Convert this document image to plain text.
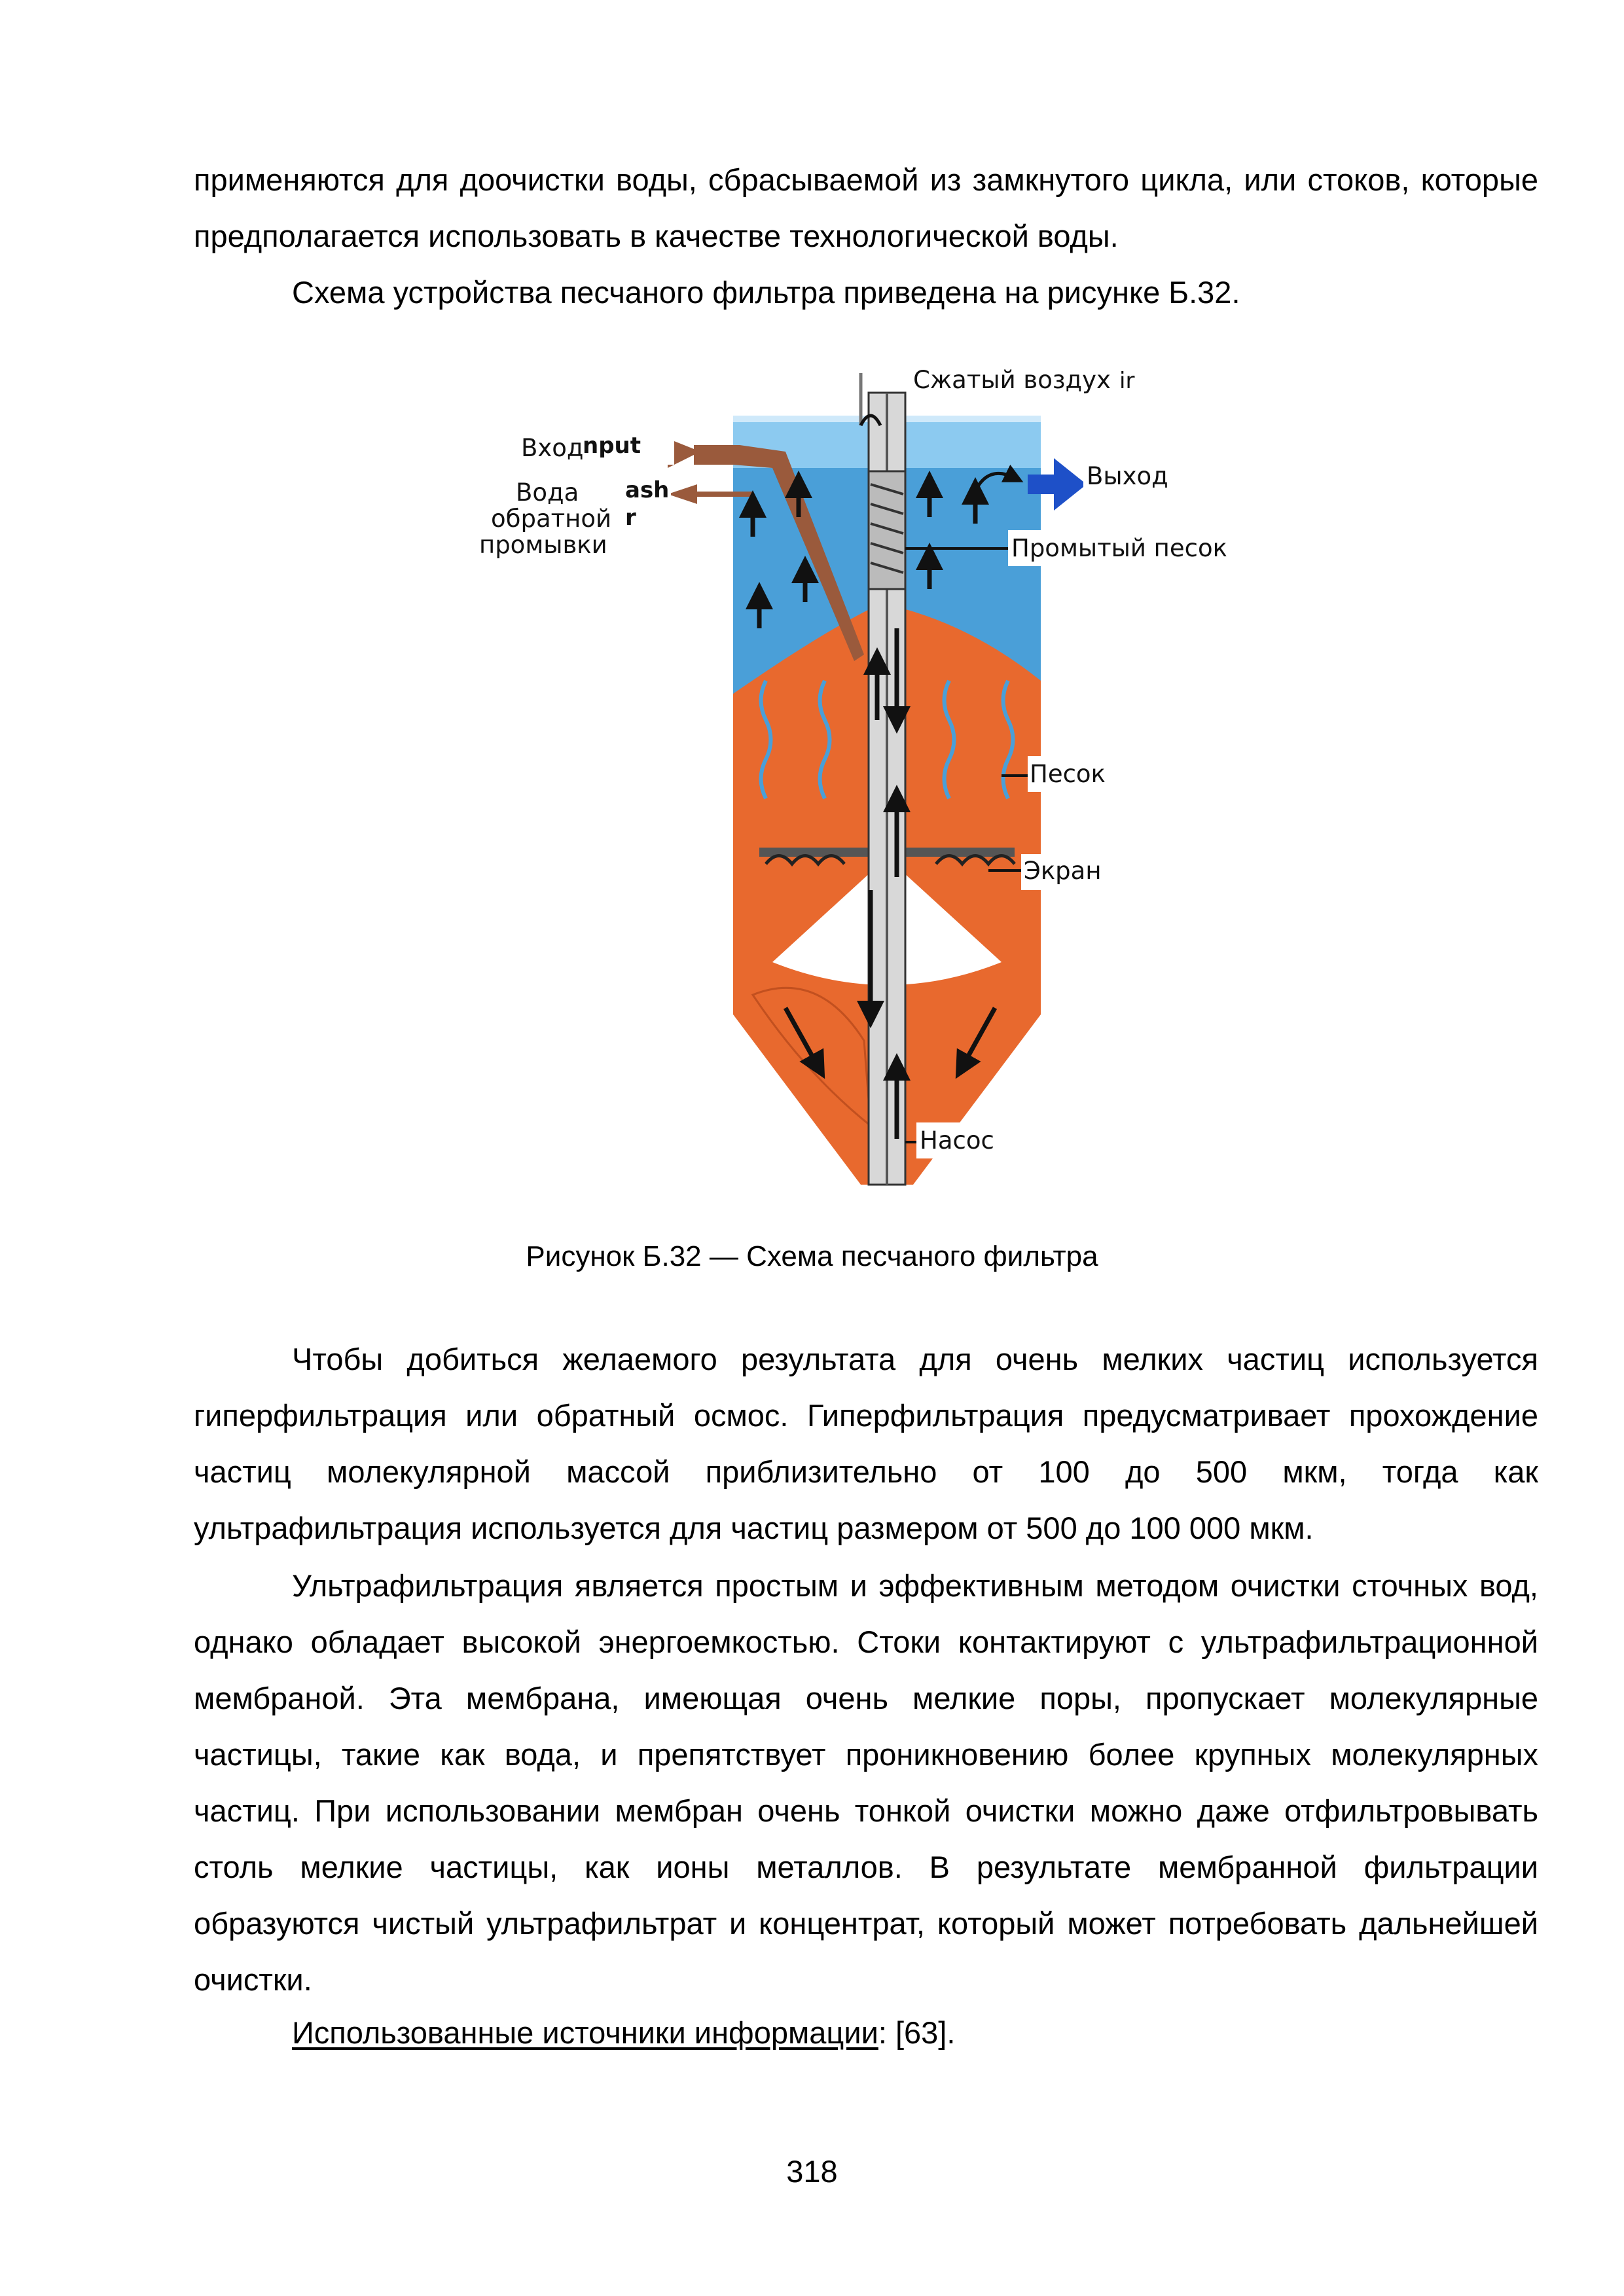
применяются для доочистки воды, сбрасываемой из замкнутого цикла, или стоков, которые предполагается использовать в качестве технологической воды.

Схема устройства песчаного фильтра приведена на рисунке Б.32.

Сжатый воздух ir
Вход
nput
Вода ash
обратной r
промывки
Выход
Промытый песок
Песок
Экран
Насос
Рисунок Б.32 — Схема песчаного фильтра

Чтобы добиться желаемого результата для очень мелких частиц используется гиперфильтрация или обратный осмос. Гиперфильтрация предусматривает прохождение частиц молекулярной массой приблизительно от 100 до 500 мкм, тогда как ультрафильтрация используется для частиц размером от 500 до 100 000 мкм.

Ультрафильтрация является простым и эффективным методом очистки сточных вод, однако обладает высокой энергоемкостью. Стоки контактируют с ультрафильтрационной мембраной. Эта мембрана, имеющая очень мелкие поры, пропускает молекулярные частицы, такие как вода, и препятствует проникновению более крупных молекулярных частиц. При использовании мембран очень тонкой очистки можно даже отфильтровывать столь мелкие частицы, как ионы металлов. В результате мембранной фильтрации образуются чистый ультрафильтрат и концентрат, который может потребовать дальнейшей очистки.

Использованные источники информации: [63].
318
